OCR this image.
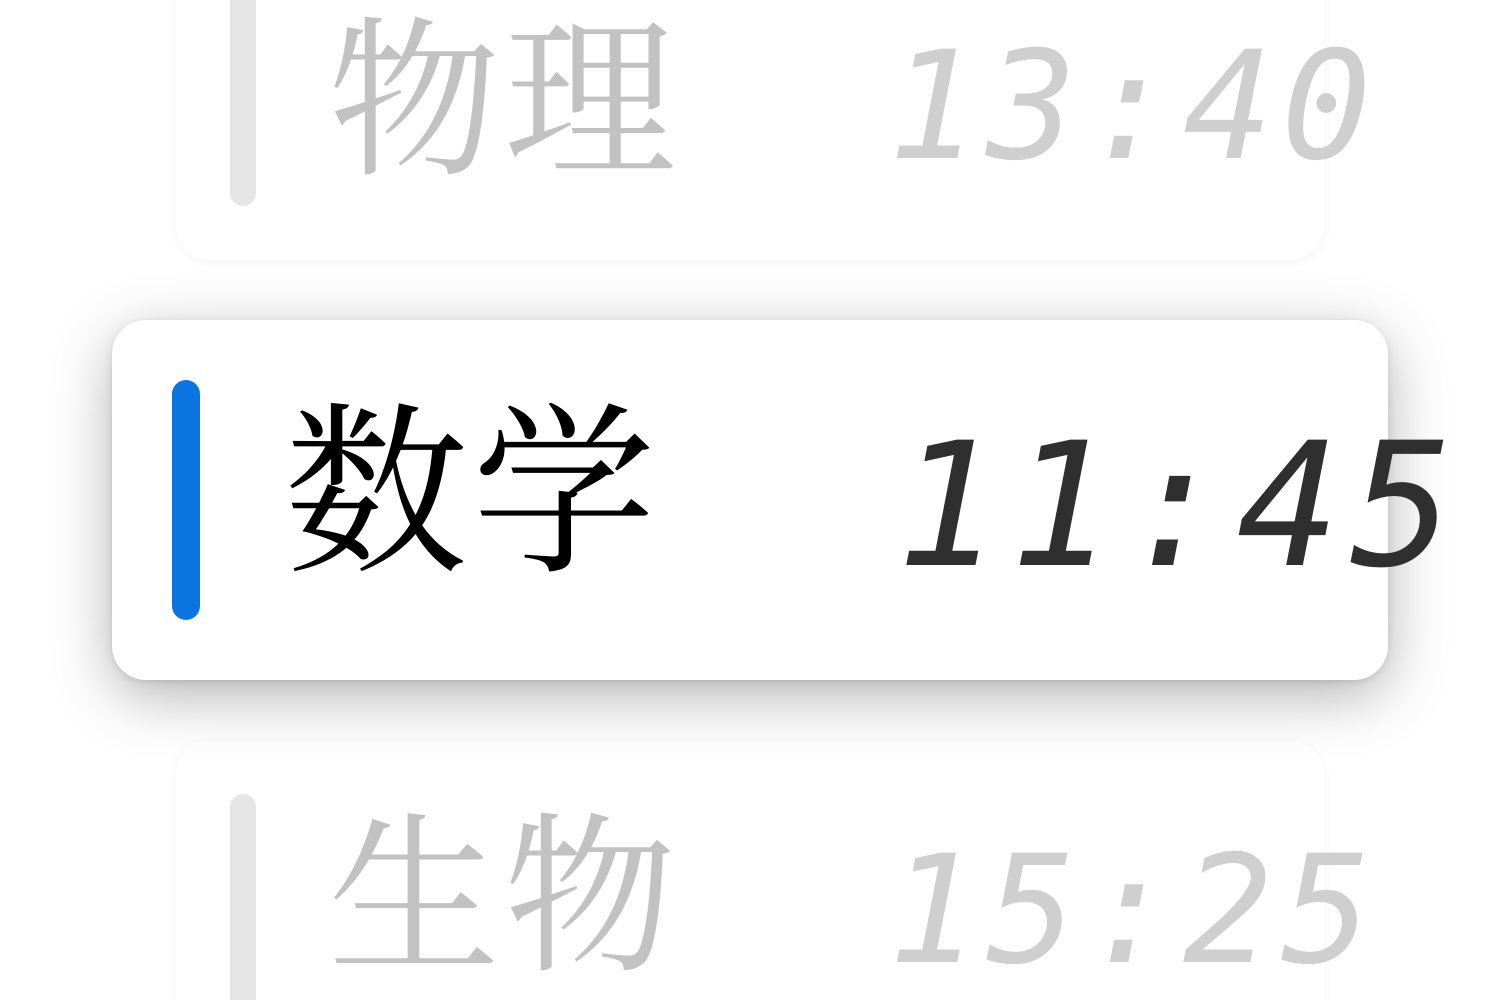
物理 13:40
生物 15:25
数学 11:45
